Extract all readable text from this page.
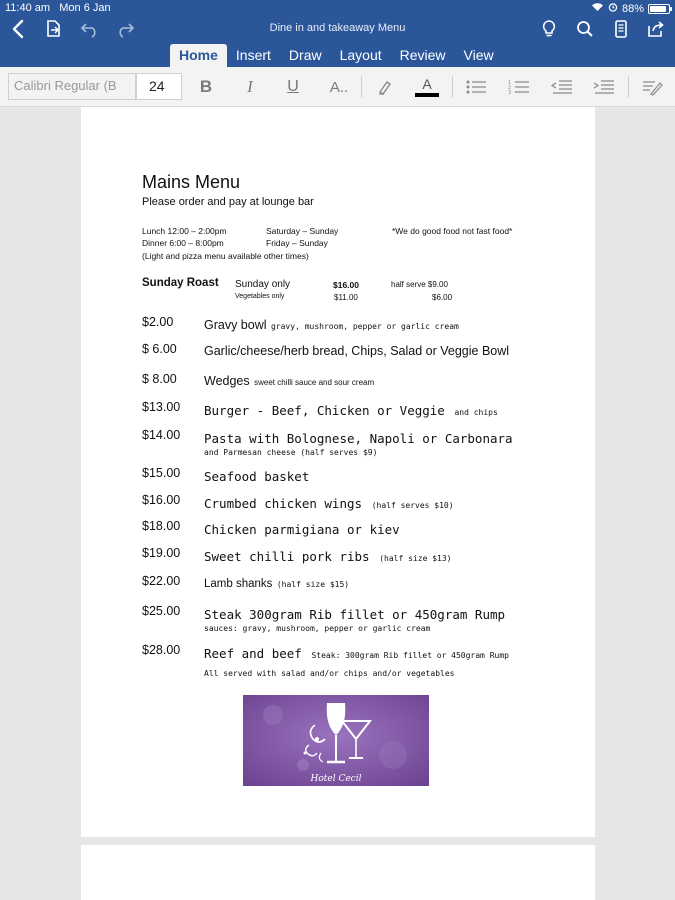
11:40 am Mon 6 Jan	88%
Dine in and takeaway Menu
Home	Insert	Draw	Layout	Review	View
Calibri Regular (B	24	B	I	U	A..	A	1
2
3
Mains Menu
Please order and pay at lounge bar
Lunch 12:00 – 2:00pm	Saturday – Sunday	*We do good food not fast food*
Dinner 6:00 – 8:00pm	Friday – Sunday
(Light and pizza menu available other times)
Sunday Roast Sunday only	$16.00	half serve $9.00
Vegetables only	$11.00	$6.00
$2.00 Gravy bowl gravy, mushroom, pepper or garlic cream
$ 6.00 Garlic/cheese/herb bread, Chips, Salad or Veggie Bowl
$ 8.00 Wedges sweet chilli sauce and sour cream
$13.00 Burger - Beef, Chicken or Veggie and chips
$14.00 Pasta with Bolognese, Napoli or Carbonara
and Parmesan cheese (half serves $9)
$15.00 Seafood basket
$16.00 Crumbed chicken wings (half serves $10)
$18.00 Chicken parmigiana or kiev
$19.00 Sweet chilli pork ribs (half size $13)
$22.00 Lamb shanks (half size $15)
$25.00 Steak 300gram Rib fillet or 450gram Rump
sauces: gravy, mushroom, pepper or garlic cream
$28.00 Reef and beef Steak: 300gram Rib fillet or 450gram Rump
All served with salad and/or chips and/or vegetables
Hotel Cecil
